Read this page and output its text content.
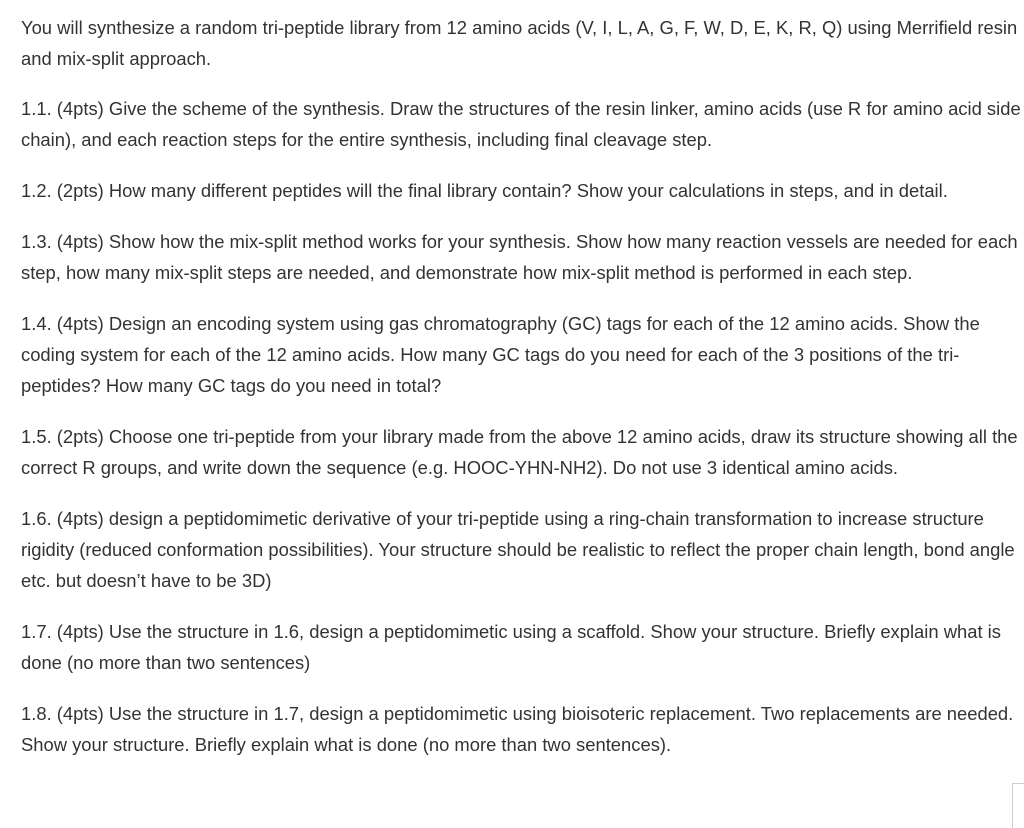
You will synthesize a random tri-peptide library from 12 amino acids (V, I, L, A, G, F, W, D, E, K, R, Q) using Merrifield resin and mix-split approach.

1.1. (4pts) Give the scheme of the synthesis. Draw the structures of the resin linker, amino acids (use R for amino acid side chain), and each reaction steps for the entire synthesis, including final cleavage step.

1.2. (2pts) How many different peptides will the final library contain? Show your calculations in steps, and in detail.

1.3. (4pts) Show how the mix-split method works for your synthesis. Show how many reaction vessels are needed for each step, how many mix-split steps are needed, and demonstrate how mix-split method is performed in each step.

1.4. (4pts) Design an encoding system using gas chromatography (GC) tags for each of the 12 amino acids. Show the coding system for each of the 12 amino acids. How many GC tags do you need for each of the 3 positions of the tri-peptides? How many GC tags do you need in total?

1.5. (2pts) Choose one tri-peptide from your library made from the above 12 amino acids, draw its structure showing all the correct R groups, and write down the sequence (e.g. HOOC-YHN-NH2). Do not use 3 identical amino acids.

1.6. (4pts) design a peptidomimetic derivative of your tri-peptide using a ring-chain transformation to increase structure rigidity (reduced conformation possibilities). Your structure should be realistic to reflect the proper chain length, bond angle etc. but doesn’t have to be 3D)

1.7. (4pts) Use the structure in 1.6, design a peptidomimetic using a scaffold. Show your structure. Briefly explain what is done (no more than two sentences)

1.8. (4pts) Use the structure in 1.7, design a peptidomimetic using bioisoteric replacement. Two replacements are needed. Show your structure. Briefly explain what is done (no more than two sentences).
